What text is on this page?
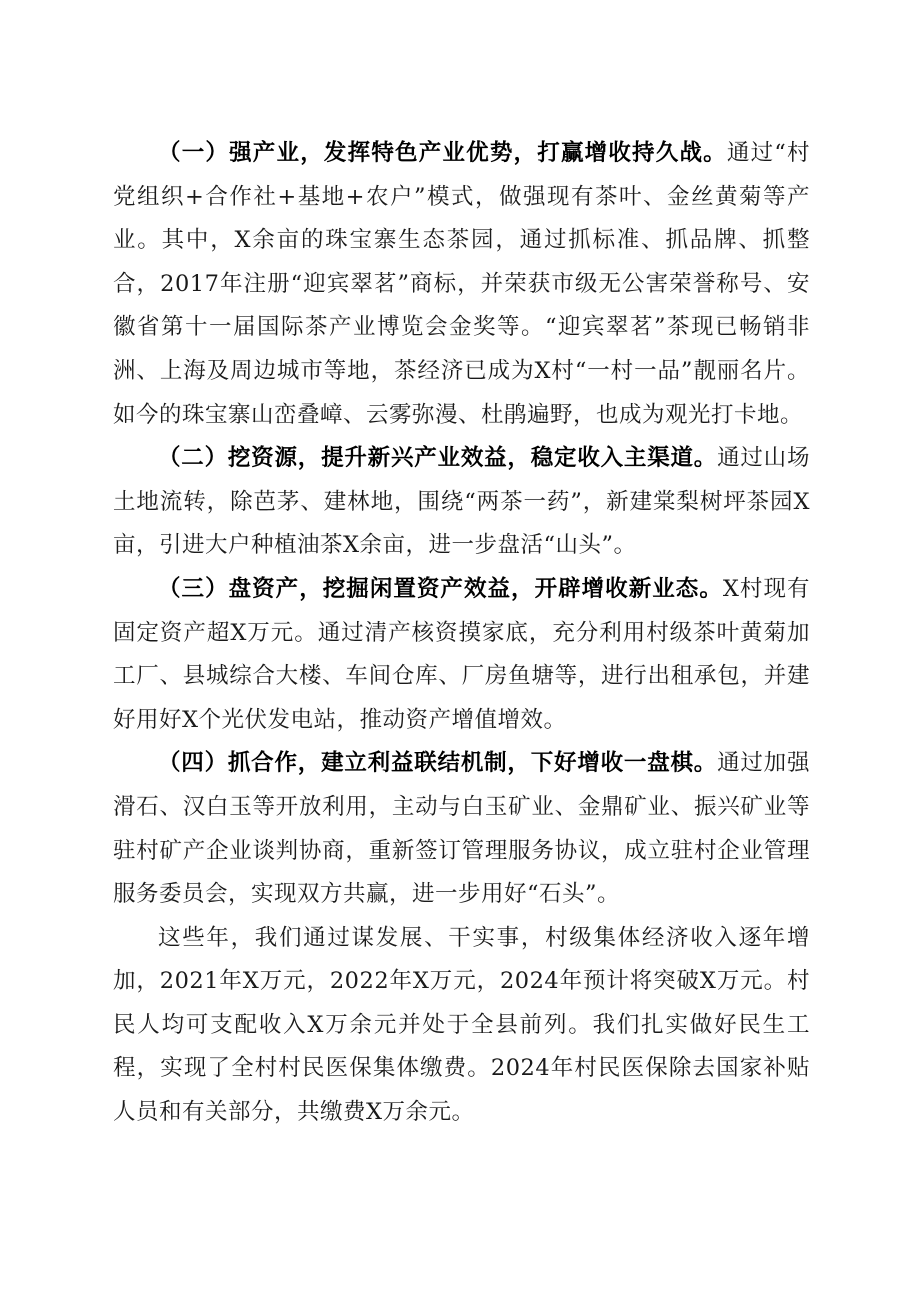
（一）强产业，发挥特色产业优势，打赢增收持久战。通过“村党组织+合作社+基地+农户”模式，做强现有茶叶、金丝黄菊等产业。其中，X余亩的珠宝寨生态茶园，通过抓标准、抓品牌、抓整合，2017年注册“迎宾翠茗”商标，并荣获市级无公害荣誉称号、安徽省第十一届国际茶产业博览会金奖等。“迎宾翠茗”茶现已畅销非洲、上海及周边城市等地，茶经济已成为X村“一村一品”靓丽名片。如今的珠宝寨山峦叠嶂、云雾弥漫、杜鹃遍野，也成为观光打卡地。

（二）挖资源，提升新兴产业效益，稳定收入主渠道。通过山场土地流转，除芭茅、建林地，围绕“两茶一药”，新建棠梨树坪茶园X亩，引进大户种植油茶X余亩，进一步盘活“山头”。

（三）盘资产，挖掘闲置资产效益，开辟增收新业态。X村现有固定资产超X万元。通过清产核资摸家底，充分利用村级茶叶黄菊加工厂、县城综合大楼、车间仓库、厂房鱼塘等，进行出租承包，并建好用好X个光伏发电站，推动资产增值增效。

（四）抓合作，建立利益联结机制，下好增收一盘棋。通过加强滑石、汉白玉等开放利用，主动与白玉矿业、金鼎矿业、振兴矿业等驻村矿产企业谈判协商，重新签订管理服务协议，成立驻村企业管理服务委员会，实现双方共赢，进一步用好“石头”。

这些年，我们通过谋发展、干实事，村级集体经济收入逐年增加，2021年X万元，2022年X万元，2024年预计将突破X万元。村民人均可支配收入X万余元并处于全县前列。我们扎实做好民生工程，实现了全村村民医保集体缴费。2024年村民医保除去国家补贴人员和有关部分，共缴费X万余元。
